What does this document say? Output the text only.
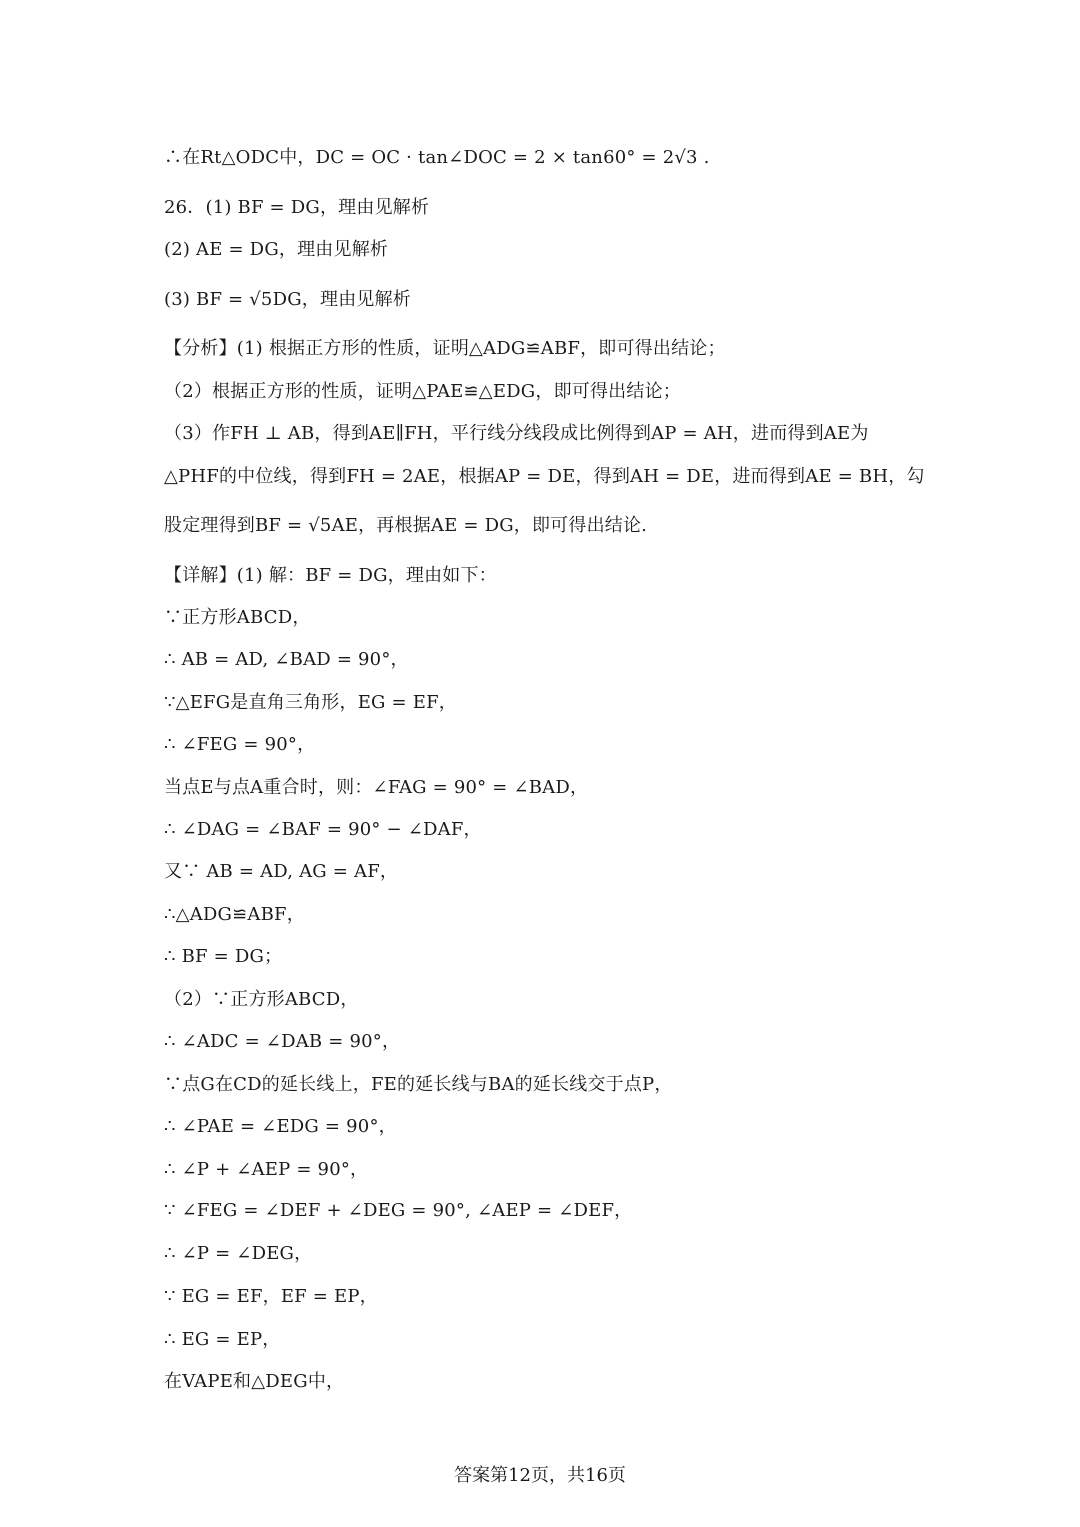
∴在Rt△ODC中，DC = OC · tan∠DOC = 2 × tan60° = 2√3 .
26．(1) BF = DG，理由见解析
(2) AE = DG，理由见解析
(3) BF = √5DG，理由见解析
【分析】(1) 根据正方形的性质，证明△ADG≌ABF，即可得出结论；
（2）根据正方形的性质，证明△PAE≌△EDG，即可得出结论；
（3）作FH ⊥ AB，得到AE∥FH，平行线分线段成比例得到AP = AH，进而得到AE为
△PHF的中位线，得到FH = 2AE，根据AP = DE，得到AH = DE，进而得到AE = BH，勾
股定理得到BF = √5AE，再根据AE = DG，即可得出结论.
【详解】(1) 解：BF = DG，理由如下：
∵正方形ABCD，
∴ AB = AD, ∠BAD = 90°，
∵△EFG是直角三角形，EG = EF，
∴ ∠FEG = 90°，
当点E与点A重合时，则：∠FAG = 90° = ∠BAD，
∴ ∠DAG = ∠BAF = 90° − ∠DAF，
又∵ AB = AD, AG = AF，
∴△ADG≌ABF，
∴ BF = DG；
（2）∵正方形ABCD，
∴ ∠ADC = ∠DAB = 90°，
∵点G在CD的延长线上，FE的延长线与BA的延长线交于点P，
∴ ∠PAE = ∠EDG = 90°，
∴ ∠P + ∠AEP = 90°，
∵ ∠FEG = ∠DEF + ∠DEG = 90°, ∠AEP = ∠DEF，
∴ ∠P = ∠DEG，
∵ EG = EF，EF = EP，
∴ EG = EP，
在VAPE和△DEG中，
答案第12页，共16页
